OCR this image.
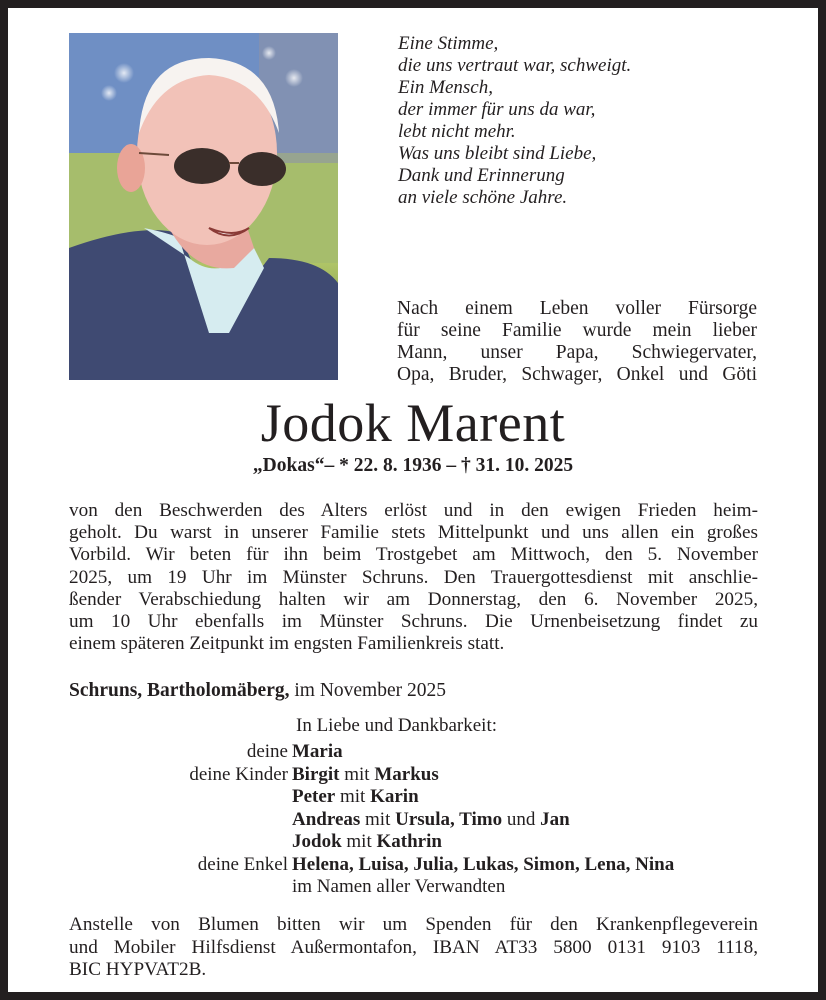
Eine Stimme,
die uns vertraut war, schweigt.
Ein Mensch,
der immer für uns da war,
lebt nicht mehr.
Was uns bleibt sind Liebe,
Dank und Erinnerung
an viele schöne Jahre.
Nach einem Leben voller Fürsorge
für seine Familie wurde mein lieber
Mann, unser Papa, Schwiegervater,
Opa, Bruder, Schwager, Onkel und Göti
Jodok Marent
„Dokas“– * 22. 8. 1936 – † 31. 10. 2025
von den Beschwerden des Alters erlöst und in den ewigen Frieden heim-
geholt. Du warst in unserer Familie stets Mittelpunkt und uns allen ein großes
Vorbild. Wir beten für ihn beim Trostgebet am Mittwoch, den 5. November
2025, um 19 Uhr im Münster Schruns. Den Trauergottesdienst mit anschlie-
ßender Verabschiedung halten wir am Donnerstag, den 6. November 2025,
um 10 Uhr ebenfalls im Münster Schruns. Die Urnenbeisetzung findet zu
einem späteren Zeitpunkt im engsten Familienkreis statt.
Schruns, Bartholomäberg, im November 2025
In Liebe und Dankbarkeit:
deine Maria
deine Kinder Birgit mit Markus
Peter mit Karin
Andreas mit Ursula, Timo und Jan
Jodok mit Kathrin
deine Enkel Helena, Luisa, Julia, Lukas, Simon, Lena, Nina
im Namen aller Verwandten
Anstelle von Blumen bitten wir um Spenden für den Krankenpflegeverein
und Mobiler Hilfsdienst Außermontafon, IBAN AT33 5800 0131 9103 1118,
BIC HYPVAT2B.
